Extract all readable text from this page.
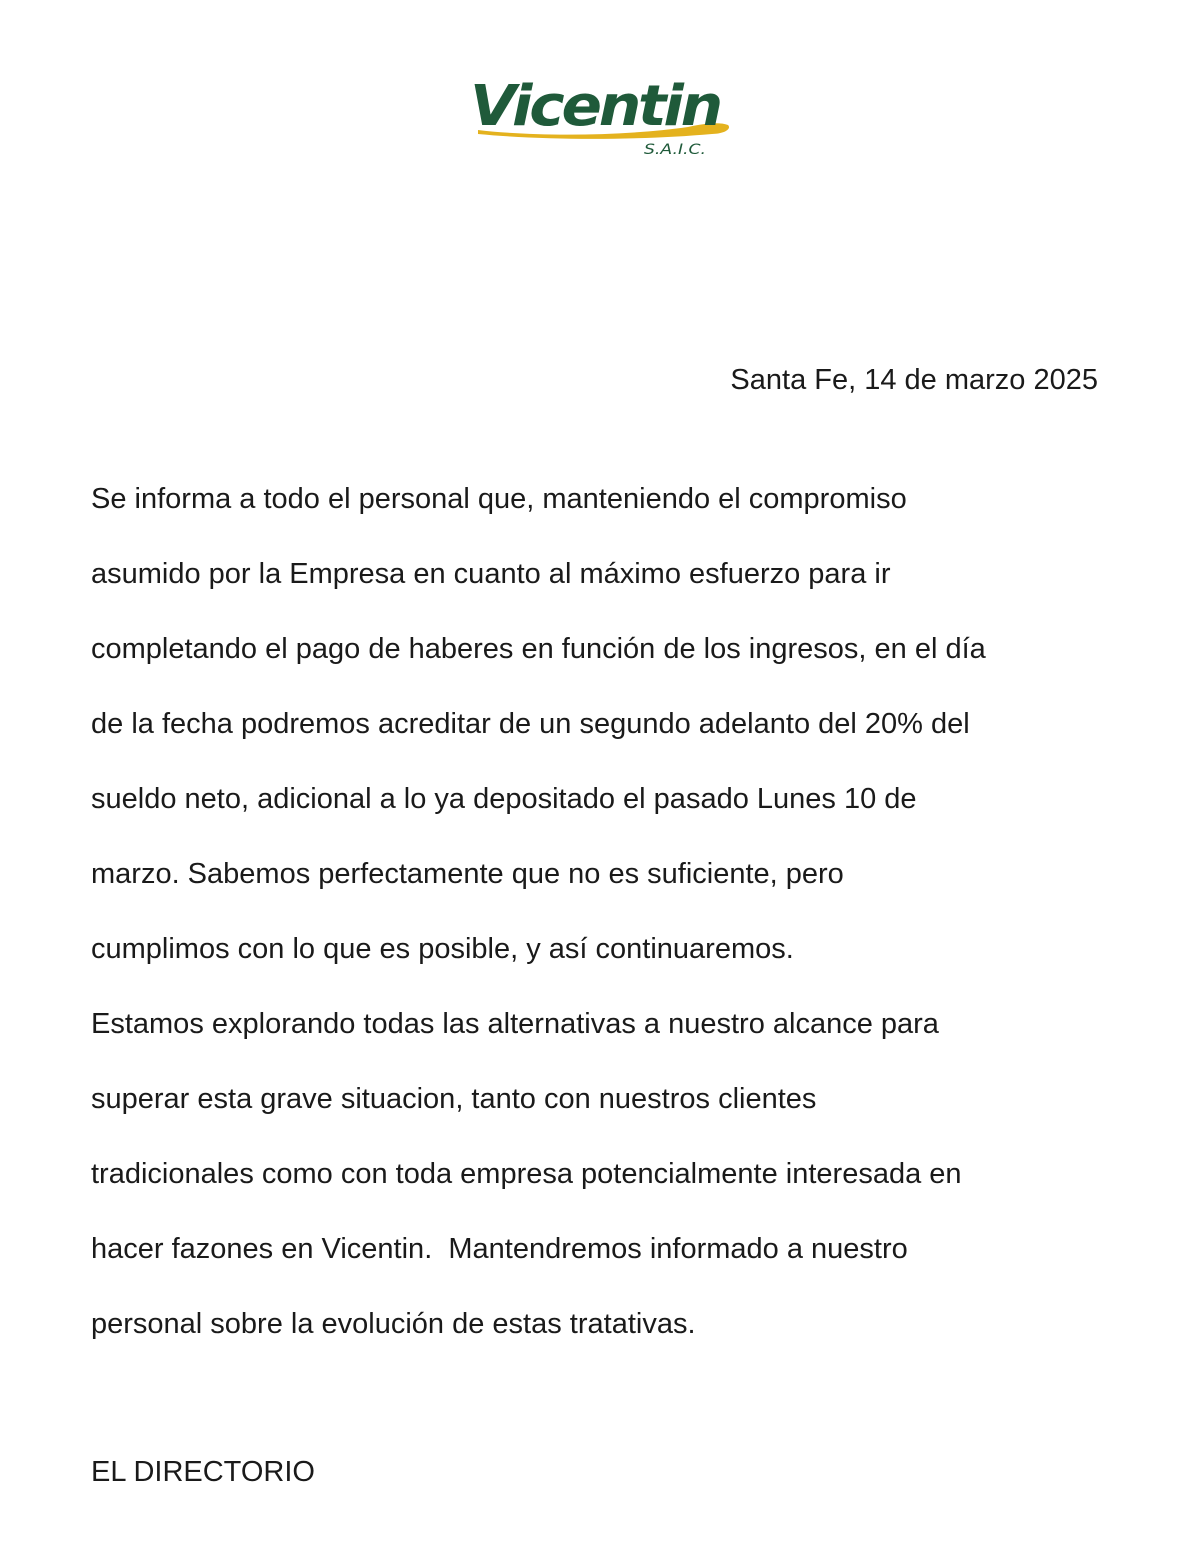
Vicentin
S.A.I.C.
Santa Fe, 14 de marzo 2025
Se informa a todo el personal que, manteniendo el compromiso
asumido por la Empresa en cuanto al máximo esfuerzo para ir
completando el pago de haberes en función de los ingresos, en el día
de la fecha podremos acreditar de un segundo adelanto del 20% del
sueldo neto, adicional a lo ya depositado el pasado Lunes 10 de
marzo. Sabemos perfectamente que no es suficiente, pero
cumplimos con lo que es posible, y así continuaremos.
Estamos explorando todas las alternativas a nuestro alcance para
superar esta grave situacion, tanto con nuestros clientes
tradicionales como con toda empresa potencialmente interesada en
hacer fazones en Vicentin.  Mantendremos informado a nuestro
personal sobre la evolución de estas tratativas.
EL DIRECTORIO
